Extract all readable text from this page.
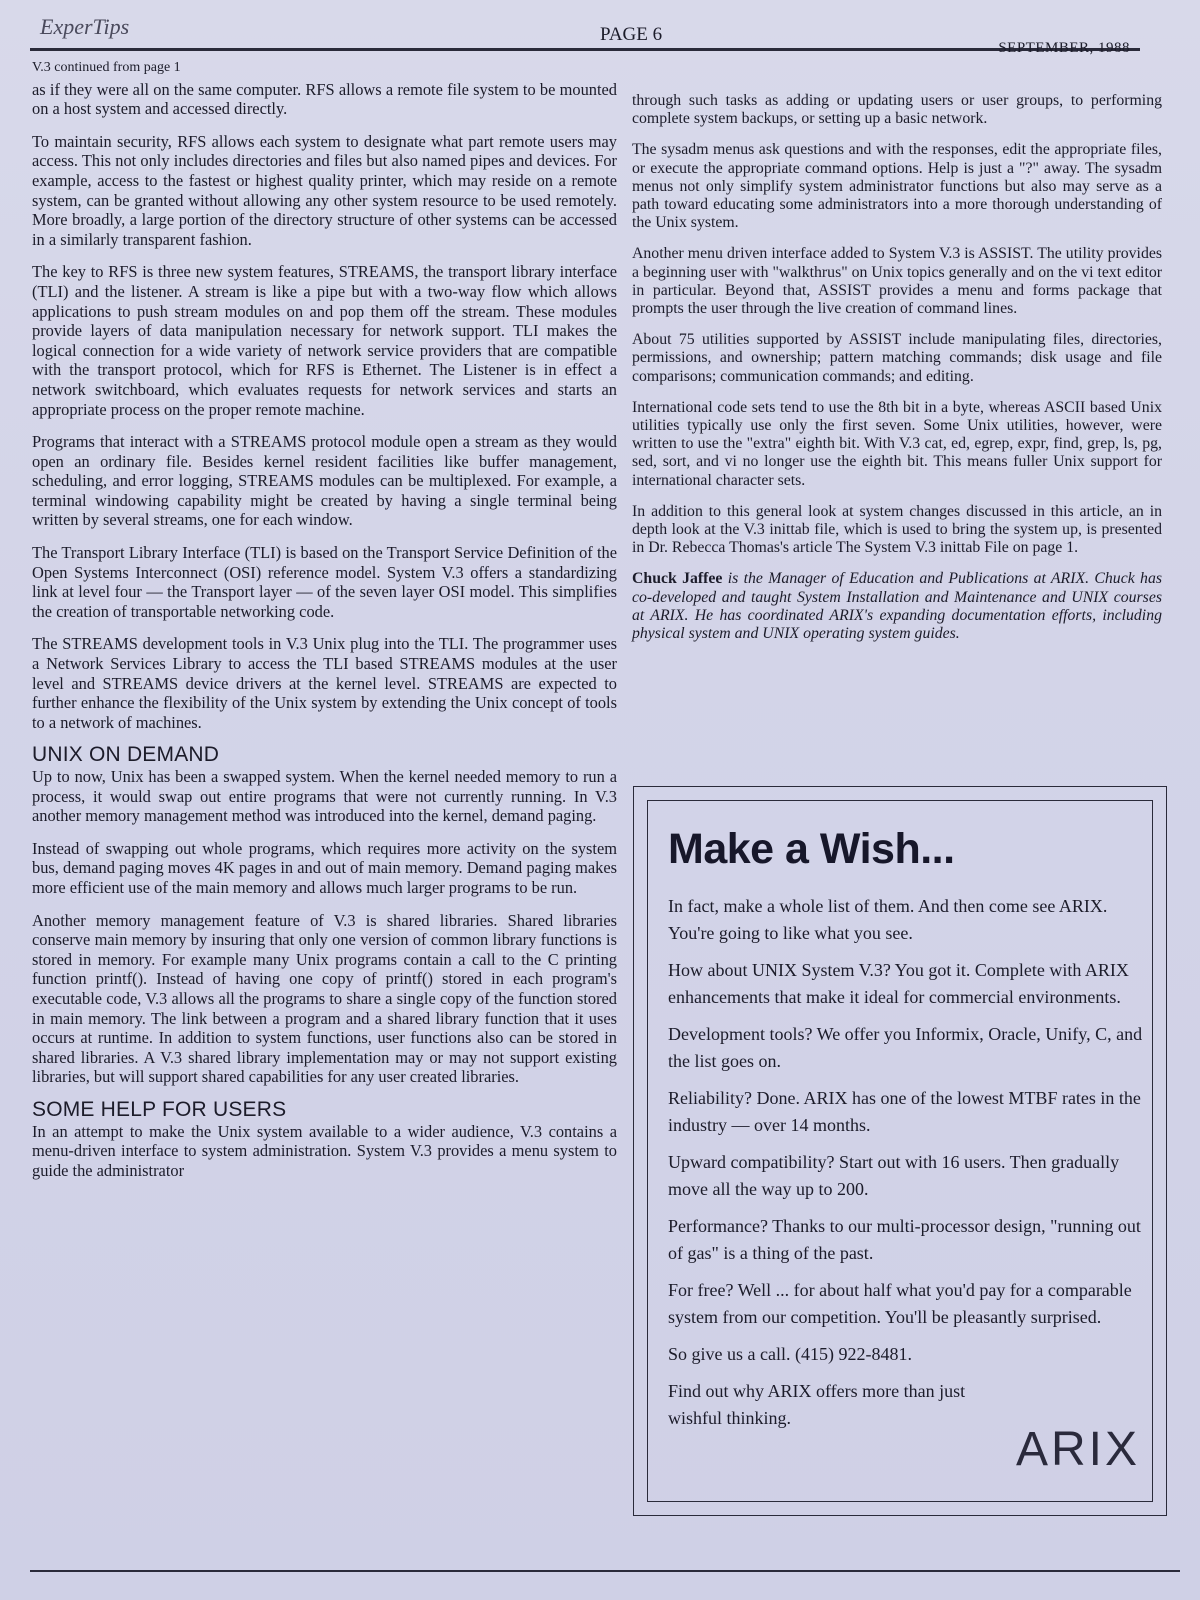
ExperTips	PAGE 6
SEPTEMBER, 1988

V.3 continued from page 1

as if they were all on the same computer. RFS allows a remote file system to be mounted on a host system and accessed directly.

To maintain security, RFS allows each system to designate what part remote users may access. This not only includes directories and files but also named pipes and devices. For example, access to the fastest or highest quality printer, which may reside on a remote system, can be granted without allowing any other system resource to be used remotely. More broadly, a large portion of the directory structure of other systems can be accessed in a similarly transparent fashion.

The key to RFS is three new system features, STREAMS, the transport library interface (TLI) and the listener. A stream is like a pipe but with a two-way flow which allows applications to push stream modules on and pop them off the stream. These modules provide layers of data manipulation necessary for network support. TLI makes the logical connection for a wide variety of network service providers that are compatible with the transport protocol, which for RFS is Ethernet. The Listener is in effect a network switchboard, which evaluates requests for network services and starts an appropriate process on the proper remote machine.

Programs that interact with a STREAMS protocol module open a stream as they would open an ordinary file. Besides kernel resident facilities like buffer management, scheduling, and error logging, STREAMS modules can be multiplexed. For example, a terminal windowing capability might be created by having a single terminal being written by several streams, one for each window.

The Transport Library Interface (TLI) is based on the Transport Service Definition of the Open Systems Interconnect (OSI) reference model. System V.3 offers a standardizing link at level four — the Transport layer — of the seven layer OSI model. This simplifies the creation of transportable networking code.

The STREAMS development tools in V.3 Unix plug into the TLI. The programmer uses a Network Services Library to access the TLI based STREAMS modules at the user level and STREAMS device drivers at the kernel level. STREAMS are expected to further enhance the flexibility of the Unix system by extending the Unix concept of tools to a network of machines.

UNIX ON DEMAND

Up to now, Unix has been a swapped system. When the kernel needed memory to run a process, it would swap out entire programs that were not currently running. In V.3 another memory management method was introduced into the kernel, demand paging.

Instead of swapping out whole programs, which requires more activity on the system bus, demand paging moves 4K pages in and out of main memory. Demand paging makes more efficient use of the main memory and allows much larger programs to be run.

Another memory management feature of V.3 is shared libraries. Shared libraries conserve main memory by insuring that only one version of common library functions is stored in memory. For example many Unix programs contain a call to the C printing function printf(). Instead of having one copy of printf() stored in each program's executable code, V.3 allows all the programs to share a single copy of the function stored in main memory. The link between a program and a shared library function that it uses occurs at runtime. In addition to system functions, user functions also can be stored in shared libraries. A V.3 shared library implementation may or may not support existing libraries, but will support shared capabilities for any user created libraries.

SOME HELP FOR USERS

In an attempt to make the Unix system available to a wider audience, V.3 contains a menu-driven interface to system administration. System V.3 provides a menu system to guide the administrator

through such tasks as adding or updating users or user groups, to performing complete system backups, or setting up a basic network.

The sysadm menus ask questions and with the responses, edit the appropriate files, or execute the appropriate command options. Help is just a "?" away. The sysadm menus not only simplify system administrator functions but also may serve as a path toward educating some administrators into a more thorough understanding of the Unix system.

Another menu driven interface added to System V.3 is ASSIST. The utility provides a beginning user with "walkthrus" on Unix topics generally and on the vi text editor in particular. Beyond that, ASSIST provides a menu and forms package that prompts the user through the live creation of command lines.

About 75 utilities supported by ASSIST include manipulating files, directories, permissions, and ownership; pattern matching commands; disk usage and file comparisons; communication commands; and editing.

International code sets tend to use the 8th bit in a byte, whereas ASCII based Unix utilities typically use only the first seven. Some Unix utilities, however, were written to use the "extra" eighth bit. With V.3 cat, ed, egrep, expr, find, grep, ls, pg, sed, sort, and vi no longer use the eighth bit. This means fuller Unix support for international character sets.

In addition to this general look at system changes discussed in this article, an in depth look at the V.3 inittab file, which is used to bring the system up, is presented in Dr. Rebecca Thomas's article The System V.3 inittab File on page 1.

Chuck Jaffee is the Manager of Education and Publications at ARIX. Chuck has co-developed and taught System Installation and Maintenance and UNIX courses at ARIX. He has coordinated ARIX's expanding documentation efforts, including physical system and UNIX operating system guides.

Make a Wish...

In fact, make a whole list of them. And then come see ARIX. You're going to like what you see.

How about UNIX System V.3? You got it. Complete with ARIX enhancements that make it ideal for commercial environments.

Development tools? We offer you Informix, Oracle, Unify, C, and the list goes on.

Reliability? Done. ARIX has one of the lowest MTBF rates in the industry — over 14 months.

Upward compatibility? Start out with 16 users. Then gradually move all the way up to 200.

Performance? Thanks to our multi-processor design, "running out of gas" is a thing of the past.

For free? Well ... for about half what you'd pay for a comparable system from our competition. You'll be pleasantly surprised.

So give us a call. (415) 922-8481.

Find out why ARIX offers more than just wishful thinking.

ARIX
